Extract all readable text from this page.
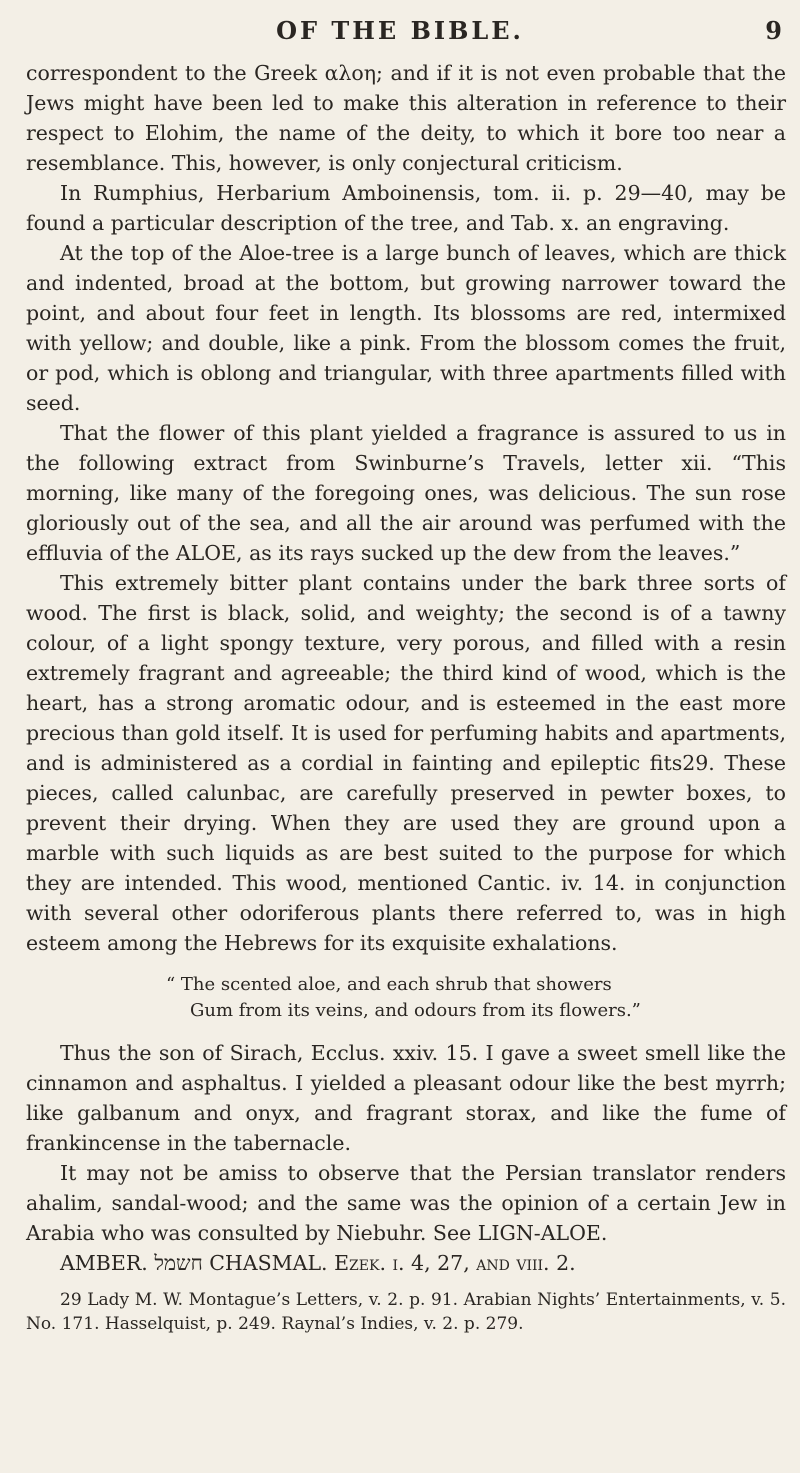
OF THE BIBLE.	9

correspondent to the Greek αλοη; and if it is not even probable that the Jews might have been led to make this alteration in reference to their respect to Elohim, the name of the deity, to which it bore too near a resemblance. This, however, is only conjectural criticism.

In Rumphius, Herbarium Amboinensis, tom. ii. p. 29—40, may be found a particular description of the tree, and Tab. x. an engraving.

At the top of the Aloe-tree is a large bunch of leaves, which are thick and indented, broad at the bottom, but growing narrower toward the point, and about four feet in length. Its blossoms are red, intermixed with yellow; and double, like a pink. From the blossom comes the fruit, or pod, which is oblong and triangular, with three apartments filled with seed.

That the flower of this plant yielded a fragrance is assured to us in the following extract from Swinburne’s Travels, letter xii. “This morning, like many of the foregoing ones, was delicious. The sun rose gloriously out of the sea, and all the air around was perfumed with the effluvia of the ALOE, as its rays sucked up the dew from the leaves.”

This extremely bitter plant contains under the bark three sorts of wood. The first is black, solid, and weighty; the second is of a tawny colour, of a light spongy texture, very porous, and filled with a resin extremely fragrant and agreeable; the third kind of wood, which is the heart, has a strong aromatic odour, and is esteemed in the east more precious than gold itself. It is used for perfuming habits and apartments, and is administered as a cordial in fainting and epileptic fits29. These pieces, called calunbac, are carefully preserved in pewter boxes, to prevent their drying. When they are used they are ground upon a marble with such liquids as are best suited to the purpose for which they are intended. This wood, mentioned Cantic. iv. 14. in conjunction with several other odoriferous plants there referred to, was in high esteem among the Hebrews for its exquisite exhalations.

“ The scented aloe, and each shrub that showers
Gum from its veins, and odours from its flowers.”

Thus the son of Sirach, Ecclus. xxiv. 15. I gave a sweet smell like the cinnamon and asphaltus. I yielded a pleasant odour like the best myrrh; like galbanum and onyx, and fragrant storax, and like the fume of frankincense in the tabernacle.

It may not be amiss to observe that the Persian translator renders ahalim, sandal-wood; and the same was the opinion of a certain Jew in Arabia who was consulted by Niebuhr. See LIGN-ALOE.

AMBER. חשמל CHASMAL. Ezek. i. 4, 27, and viii. 2.

29 Lady M. W. Montague’s Letters, v. 2. p. 91. Arabian Nights’ Entertainments, v. 5. No. 171. Hasselquist, p. 249. Raynal’s Indies, v. 2. p. 279.
